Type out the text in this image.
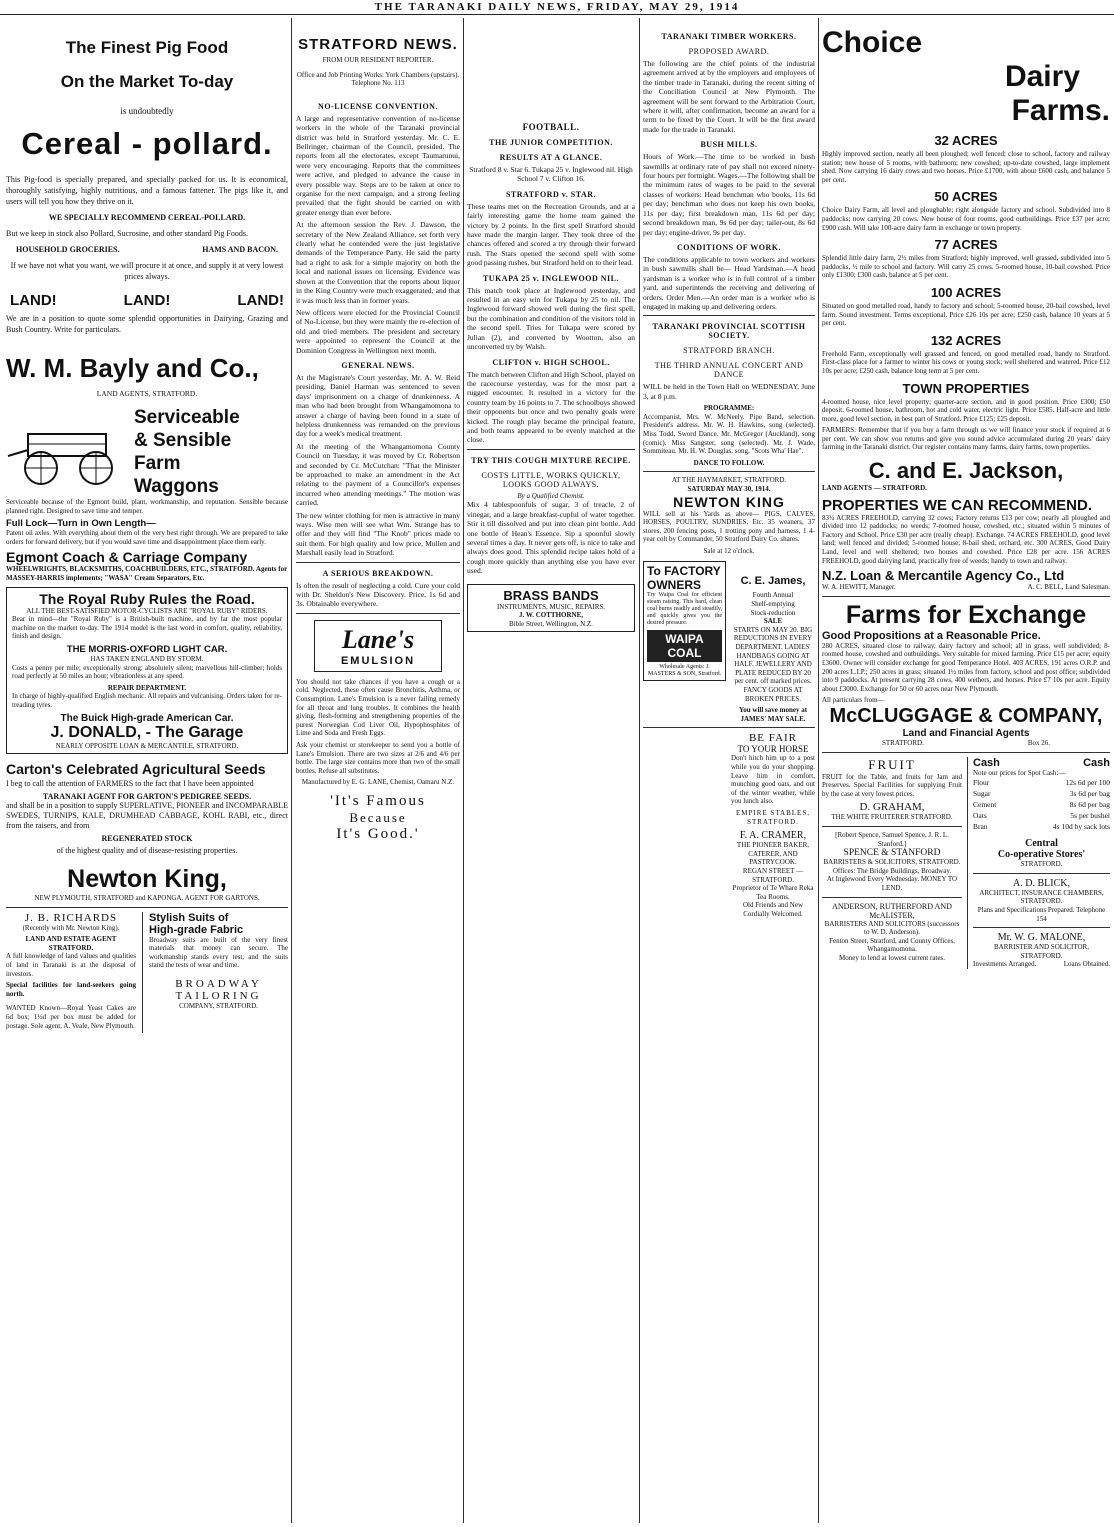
THE TARANAKI DAILY NEWS, FRIDAY, MAY 29, 1914
The Finest Pig Food
On the Market To-day
is undoubtedly
Cereal - pollard.

This Pig-food is specially prepared, and specially packed for us. It is economical, thoroughly satisfying, highly nutritious, and a famous fattener. The pigs like it, and users will tell you how they thrive on it.

WE SPECIALLY RECOMMEND CEREAL-POLLARD.

But we keep in stock also Pollard, Sucrosine, and other standard Pig Foods.

HOUSEHOLD GROCERIES.	HAMS AND BACON.

If we have not what you want, we will procure it at once, and supply it at very lowest prices always.

LAND!	LAND!	LAND!

We are in a position to quote some splendid opportunities in Dairying, Grazing and Bush Country. Write for particulars.

W. M. Bayly and Co.,
LAND AGENTS, STRATFORD.
Serviceable
& Sensible
Farm
Waggons

Serviceable because of the Egmont build, plant, workmanship, and reputation. Sensible because planned right. Designed to save time and temper.

Full Lock—Turn in Own Length—

Patent oil axles. With everything about them of the very best right through. We are prepared to take orders for forward delivery, but if you would save time and disappointment place them early.

Egmont Coach & Carriage Company
WHEELWRIGHTS, BLACKSMITHS, COACHBUILDERS, ETC., STRATFORD. Agents for MASSEY-HARRIS implements; "WASA" Cream Separators, Etc.
The Royal Ruby Rules the Road.
ALL THE BEST-SATISFIED MOTOR-CYCLISTS ARE "ROYAL RUBY" RIDERS.

Bear in mind—the "Royal Ruby" is a British-built machine, and by far the most popular machine on the market to-day. The 1914 model is the last word in comfort, quality, reliability, finish and design.

THE MORRIS-OXFORD LIGHT CAR.
HAS TAKEN ENGLAND BY STORM.

Costs a penny per mile; exceptionally strong; absolutely silent; marvellous hill-climber; holds road perfectly at 50 miles an hour; vibrationless at any speed.

REPAIR DEPARTMENT.

In charge of highly-qualified English mechanic. All repairs and vulcanising. Orders taken for re-treading tyres.

The Buick High-grade American Car.
J. DONALD, - The Garage
NEARLY OPPOSITE LOAN & MERCANTILE, STRATFORD.
Carton's Celebrated Agricultural Seeds

I beg to call the attention of FARMERS to the fact that I have been appointed

TARANAKI AGENT FOR GARTON'S PEDIGREE SEEDS.

and shall be in a position to supply SUPERLATIVE, PIONEER and INCOMPARABLE SWEDES, TURNIPS, KALE, DRUMHEAD CABBAGE, KOHL RABI, etc., direct from the raisers, and from

REGENERATED STOCK
of the highest quality and of disease-resisting properties.
Newton King,
NEW PLYMOUTH, STRATFORD and KAPONGA. AGENT FOR GARTONS.
J. B. RICHARDS
(Recently with Mr. Newton King).
LAND AND ESTATE AGENT STRATFORD.

A full knowledge of land values and qualities of land in Taranaki is at the disposal of investors.

Special facilities for land-seekers going north.

WANTED Known—Royal Yeast Cakes are 6d box; 1½d per box must be added for postage. Sole agent, A. Veale, New Plymouth.

Stylish Suits of
High-grade Fabric

Broadway suits are built of the very finest materials that money can secure. The workmanship stands every test, and the suits stand the tests of wear and time.

BROADWAY
TAILORING
COMPANY, STRATFORD.
STRATFORD NEWS.
FROM OUR RESIDENT REPORTER.
Office and Job Printing Works: York Chambers (upstairs). Telephone No. 113
NO-LICENSE CONVENTION.

A large and representative convention of no-license workers in the whole of the Taranaki provincial district was held in Stratford yesterday. Mr. C. E. Bellringer, chairman of the Council, presided. The reports from all the electorates, except Taumarunui, were very encouraging. Reports that the committees were active, and pledged to advance the cause in every possible way. Steps are to be taken at once to organise for the next campaign, and a strong feeling prevailed that the fight should be carried on with greater energy than ever before.

At the afternoon session the Rev. J. Dawson, the secretary of the New Zealand Alliance, set forth very clearly what he contended were the just legislative demands of the Temperance Party. He said the party had a right to ask for a simple majority on both the local and national issues on licensing. Evidence was shown at the Convention that the reports about liquor in the King Country were much exaggerated, and that it was much less than in former years.

New officers were elected for the Provincial Council of No-License, but they were mainly the re-election of old and tried members. The president and secretary were appointed to represent the Council at the Dominion Congress in Wellington next month.

GENERAL NEWS.

At the Magistrate's Court yesterday, Mr. A. W. Reid presiding, Daniel Harman was sentenced to seven days' imprisonment on a charge of drunkenness. A man who had been brought from Whangamomona to answer a charge of having been found in a state of helpless drunkenness was remanded on the previous day for a week's medical treatment.

At the meeting of the Whangamomona County Council on Tuesday, it was moved by Cr. Robertson and seconded by Cr. McCutchan: "That the Minister be approached to make an amendment in the Act relating to the payment of a Councillor's expenses incurred when attending meetings." The motion was carried.

The new winter clothing for men is attractive in many ways. Wise men will see what Wm. Strange has to offer and they will find "The Knob" prices made to suit them. For high quality and low price, Mullen and Marshall easily lead in Stratford.

A SERIOUS BREAKDOWN.

Is often the result of neglecting a cold. Cure your cold with Dr. Sheldon's New Discovery. Price, 1s 6d and 3s. Obtainable everywhere.

Lane's
EMULSION

You should not take chances if you have a cough or a cold. Neglected, these often cause Bronchitis, Asthma, or Consumption. Lane's Emulsion is a never failing remedy for all throat and lung troubles. It combines the health giving, flesh-forming and strengthening properties of the purest Norwegian Cod Liver Oil, Hypophosphites of Lime and Soda and Fresh Eggs.

Ask your chemist or storekeeper to send you a bottle of Lane's Emulsion. There are two sizes at 2/6 and 4/6 per bottle. The large size contains more than two of the small bottles. Refuse all substitutes.

Manufactured by E. G. LANE, Chemist, Oamaru N.Z.
'It's Famous
Because
It's Good.'
FOOTBALL.
THE JUNIOR COMPETITION.
RESULTS AT A GLANCE.

Stratford 8 v. Star 6. Tukapa 25 v. Inglewood nil. High School 7 v. Clifton 16.

STRATFORD v. STAR.

These teams met on the Recreation Grounds, and at a fairly interesting game the home team gained the victory by 2 points. In the first spell Stratford should have made the margin larger. They took three of the chances offered and scored a try through their forward rush. The Stars opened the second spell with some good passing rushes, but Stratford held on to their lead.

TUKAPA 25 v. INGLEWOOD NIL.

This match took place at Inglewood yesterday, and resulted in an easy win for Tukapa by 25 to nil. The Inglewood forward showed well during the first spell, but the combination and condition of the visitors told in the second spell. Tries for Tukapa were scored by Julian (2), and converted by Wootton, also an unconverted try by Walsh.

CLIFTON v. HIGH SCHOOL.

The match between Clifton and High School, played on the racecourse yesterday, was for the most part a rugged encounter. It resulted in a victory for the country team by 16 points to 7. The schoolboys showed their opponents but once and two penalty goals were kicked. The rough play became the principal feature, and both teams appeared to be evenly matched at the close.

TRY THIS COUGH MIXTURE RECIPE.
COSTS LITTLE, WORKS QUICKLY, LOOKS GOOD ALWAYS.
By a Qualified Chemist.

Mix 4 tablespoonfuls of sugar, 3 of treacle, 2 of vinegar, and a large breakfast-cupful of water together. Stir it till dissolved and put into clean pint bottle. Add one bottle of Hean's Essence. Sip a spoonful slowly several times a day. It never gets off, is nice to take and always does good. This splendid recipe takes hold of a cough more quickly than anything else you have ever used.

BRASS BANDS
INSTRUMENTS, MUSIC, REPAIRS.
J. W. COTTHORNE,
Bible Street, Wellington, N.Z.
TARANAKI TIMBER WORKERS.
PROPOSED AWARD.

The following are the chief points of the industrial agreement arrived at by the employers and employees of the timber trade in Taranaki, during the recent sitting of the Conciliation Council at New Plymouth. The agreement will be sent forward to the Arbitration Court, where it will, after confirmation, become an award for a term to be fixed by the Court. It will be the first award made for the trade in Taranaki.

BUSH MILLS.

Hours of Work.—The time to be worked in bush sawmills at ordinary rate of pay shall not exceed ninety-four hours per fortnight. Wages.—The following shall be the minimum rates of wages to be paid to the several classes of workers: Head benchman who books, 11s 6d per day; benchman who does not keep his own books, 11s per day; first breakdown man, 11s 6d per day; second breakdown man, 9s 6d per day; tailer-out, 8s 6d per day; engine-driver, 9s per day.

CONDITIONS OF WORK.

The conditions applicable to town workers and workers in bush sawmills shall be— Head Yardsman.—A head yardsman is a worker who is in full control of a timber yard, and superintends the receiving and delivering of orders. Order Men.—An order man is a worker who is engaged in making up and delivering orders.

TARANAKI PROVINCIAL SCOTTISH SOCIETY.
STRATFORD BRANCH.
THE THIRD ANNUAL CONCERT AND DANCE

WILL be held in the Town Hall on WEDNESDAY, June 3, at 8 p.m.

PROGRAMME:

Accompanist, Mrs. W. McNeely. Pipe Band, selection. President's address. Mr. W. H. Hawkins, song (selected). Miss Todd, Sword Dance. Mr. McGregor (Auckland), song (comic). Miss Sangster, song (selected). Mr. J. Wade, Sommiteau. Mr. H. W. Douglas, song, "Scots Wha' Hae".

DANCE TO FOLLOW.
AT THE HAYMARKET, STRATFORD.
SATURDAY MAY 30, 1914.
NEWTON KING

WILL sell at his Yards as above— PIGS, CALVES, HORSES, POULTRY, SUNDRIES, Etc. 35 weaners, 37 stores, 200 fencing posts, 1 trotting pony and harness, 1 4-year colt by Commander, 50 Stratford Dairy Co. shares.

Sale at 12 o'clock.
To FACTORY
OWNERS

Try Waipa Coal for efficient steam raising. This hard, clean coal burns readily and steadily, and quickly gives you the desired pressure.

WAIPA
COAL
Wholesale Agents: J. MASTERS & SON, Stratford.
C. E. James,
Fourth Annual
Shelf-emptying
Stock-reduction
SALE

STARTS ON MAY 20. BIG REDUCTIONS IN EVERY DEPARTMENT. LADIES' HANDBAGS GOING AT HALF. JEWELLERY AND PLATE REDUCED BY 20 per cent. off marked prices. FANCY GOODS AT BROKEN PRICES.

You will save money at JAMES' MAY SALE.
BE FAIR
TO YOUR HORSE

Don't hitch him up to a post while you do your shopping. Leave him in comfort, munching good oats, and out of the winter weather, while you lunch also.

EMPIRE STABLES, STRATFORD.
F. A. CRAMER,
THE PIONEER BAKER, CATERER, AND PASTRYCOOK.
REGAN STREET — STRATFORD.
Proprietor of Te Whare Reka Tea Rooms.
Old Friends and New Cordially Welcomed.
Choice
Dairy
Farms.
32 ACRES

Highly improved section, nearly all been ploughed; well fenced; close to school, factory and railway station; new house of 5 rooms, with bathroom; new cowshed; up-to-date cowshed, large implement shed. Now carrying 16 dairy cows and two horses. Price £1700, with about £600 cash, and balance 5 per cent.

50 ACRES

Choice Dairy Farm, all level and ploughable; right alongside factory and school. Subdivided into 8 paddocks; now carrying 20 cows. New house of four rooms, good outbuildings. Price £37 per acre; £900 cash. Will take 100-acre dairy farm in exchange or town property.

77 ACRES

Splendid little dairy farm, 2½ miles from Stratford; highly improved, well grassed, subdivided into 5 paddocks, ½ mile to school and factory. Will carry 25 cows. 5-roomed house, 10-bail cowshed. Price only £1300; £300 cash, balance at 5 per cent.

100 ACRES

Situated on good metalled road, handy to factory and school; 5-roomed house, 20-bail cowshed, level farm. Sound investment. Terms exceptional. Price £26 10s per acre; £250 cash, balance 10 years at 5 per cent.

132 ACRES

Freehold Farm, exceptionally well grassed and fenced, on good metalled road, handy to Stratford. First-class place for a farmer to winter his cows or young stock; well sheltered and watered. Price £12 10s per acre; £250 cash, balance long term at 5 per cent.

TOWN PROPERTIES

4-roomed house, nice level property; quarter-acre section, and in good position. Price £300; £50 deposit. 6-roomed house, bathroom, hot and cold water, electric light. Price £585. Half-acre and little more, good level section, in best part of Stratford. Price £125; £25 deposit.

FARMERS: Remember that if you buy a farm through us we will finance your stock if required at 6 per cent. We can show you returns and give you sound advice accumulated during 20 years' dairy farming in the Taranaki district. Our register contains many farms, dairy farms, town properties.

C. and E. Jackson,
LAND AGENTS — STRATFORD.
PROPERTIES WE CAN RECOMMEND.

83¾ ACRES FREEHOLD, carrying 32 cows; Factory returns £13 per cow; nearly all ploughed and divided into 12 paddocks; no weeds; 7-roomed house, cowshed, etc.; situated within 5 minutes of Factory and School. Price £30 per acre (really cheap). Exchange. 74 ACRES FREEHOLD, good level land; well fenced and divided; 5-roomed house; 8-bail shed, orchard, etc. 300 ACRES, Good Dairy Land, level and well sheltered; two houses and cowshed. Price £28 per acre. 156 ACRES FREEHOLD, good dairying land, practically free of weeds; handy to town and railway.

N.Z. Loan & Mercantile Agency Co., Ltd
W. A. HEWITT, Manager.	A. C. BELL, Land Salesman.
Farms for Exchange
Good Propositions at a Reasonable Price.

280 ACRES, situated close to railway, dairy factory and school; all in grass, well subdivided; 8-roomed house, cowshed and outbuildings. Very suitable for mixed farming. Price £15 per acre; equity £3600. Owner will consider exchange for good Temperance Hotel. 403 ACRES, 191 acres O.R.P. and 200 acres L.I.P.; 250 acres in grass; situated 1½ miles from factory, school and post office; subdivided into 9 paddocks. At present carrying 28 cows, 400 wethers, and horses. Price £7 10s per acre. Equity about £3000. Exchange for 50 or 60 acres near New Plymouth.

All particulars from—
McCLUGGAGE & COMPANY,
Land and Financial Agents
STRATFORD.	Box 26.
FRUIT

FRUIT for the Table, and fruits for Jam and Preserves. Special Facilities for supplying Fruit by the case at very lowest prices.

D. GRAHAM,
THE WHITE FRUITERER STRATFORD.
[Robert Spence, Samuel Spence, J. R. L. Stanford.]
SPENCE & STANFORD
BARRISTERS & SOLICITORS, STRATFORD.
Offices: The Bridge Buildings, Broadway.
At Inglewood Every Wednesday. MONEY TO LEND.
ANDERSON, RUTHERFORD AND McALISTER,
BARRISTERS AND SOLICITORS (successors to W. D. Anderson).
Fenton Street, Stratford, and County Offices, Whangamomona.
Money to lend at lowest current rates.
Cash	Cash
Note our prices for Spot Cash:—
Flour	12s 6d per 100
Sugar	3s 6d per bag
Cement	8s 6d per bag
Oats	5s per bushel
Bran	4s 10d by sack lots
Central
Co-operative Stores'
STRATFORD.
A. D. BLICK,
ARCHITECT, INSURANCE CHAMBERS, STRATFORD.
Plans and Specifications Prepared. Telephone 154
Mr. W. G. MALONE,
BARRISTER AND SOLICITOR, STRATFORD.
Investments Arranged.	Loans Obtained.
